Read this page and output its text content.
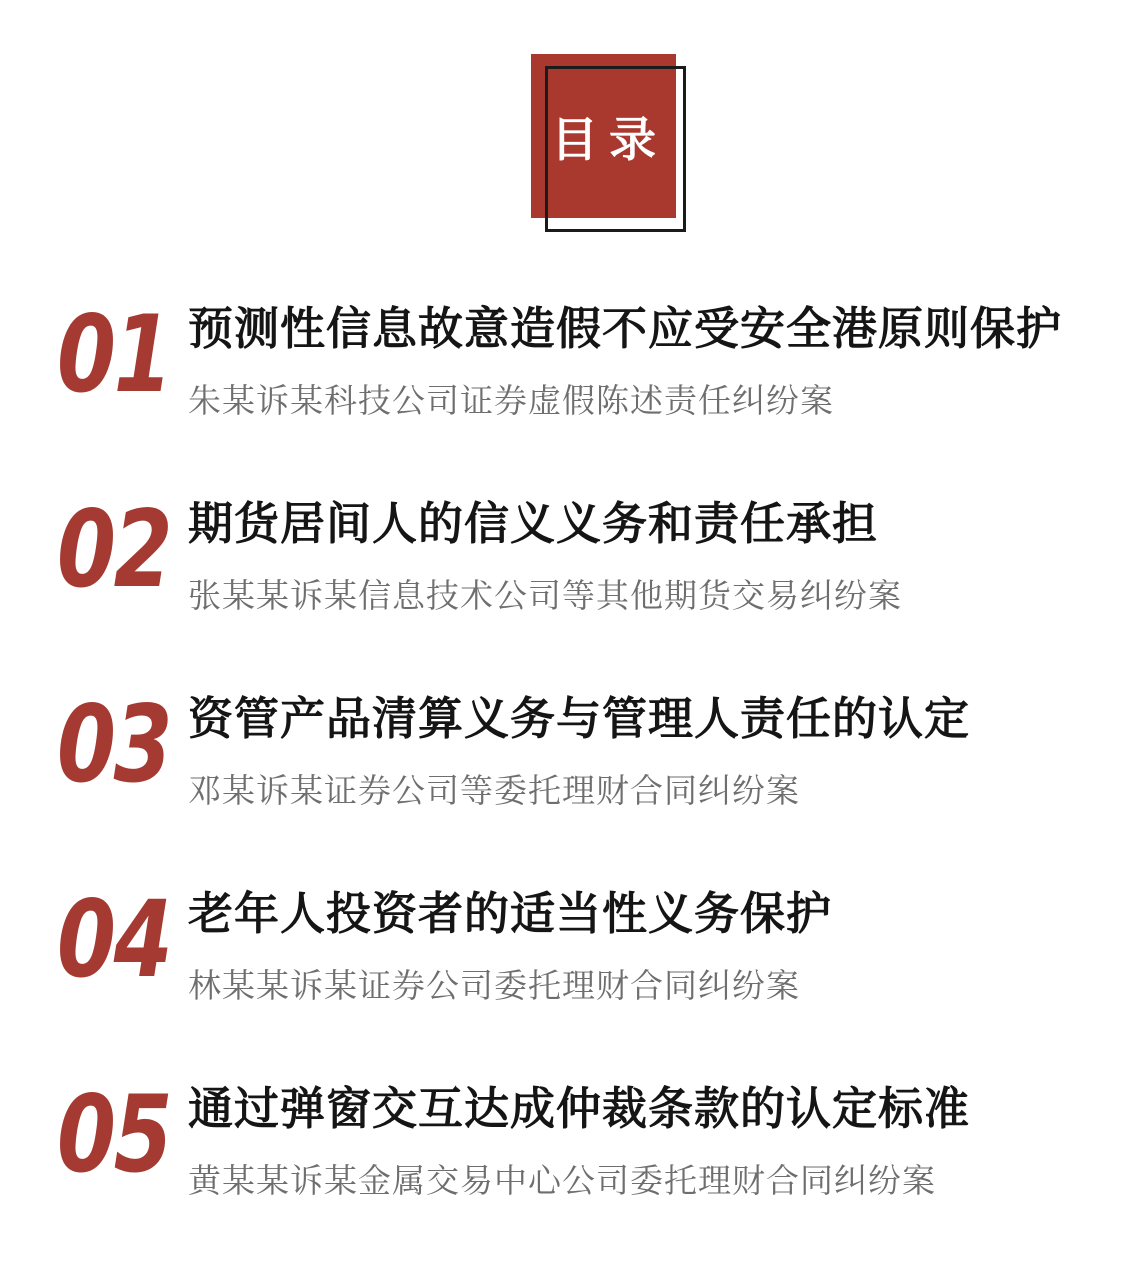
目录
01 预测性信息故意造假不应受安全港原则保护
朱某诉某科技公司证券虚假陈述责任纠纷案
02 期货居间人的信义义务和责任承担
张某某诉某信息技术公司等其他期货交易纠纷案
03 资管产品清算义务与管理人责任的认定
邓某诉某证券公司等委托理财合同纠纷案
04 老年人投资者的适当性义务保护
林某某诉某证券公司委托理财合同纠纷案
05 通过弹窗交互达成仲裁条款的认定标准
黄某某诉某金属交易中心公司委托理财合同纠纷案
